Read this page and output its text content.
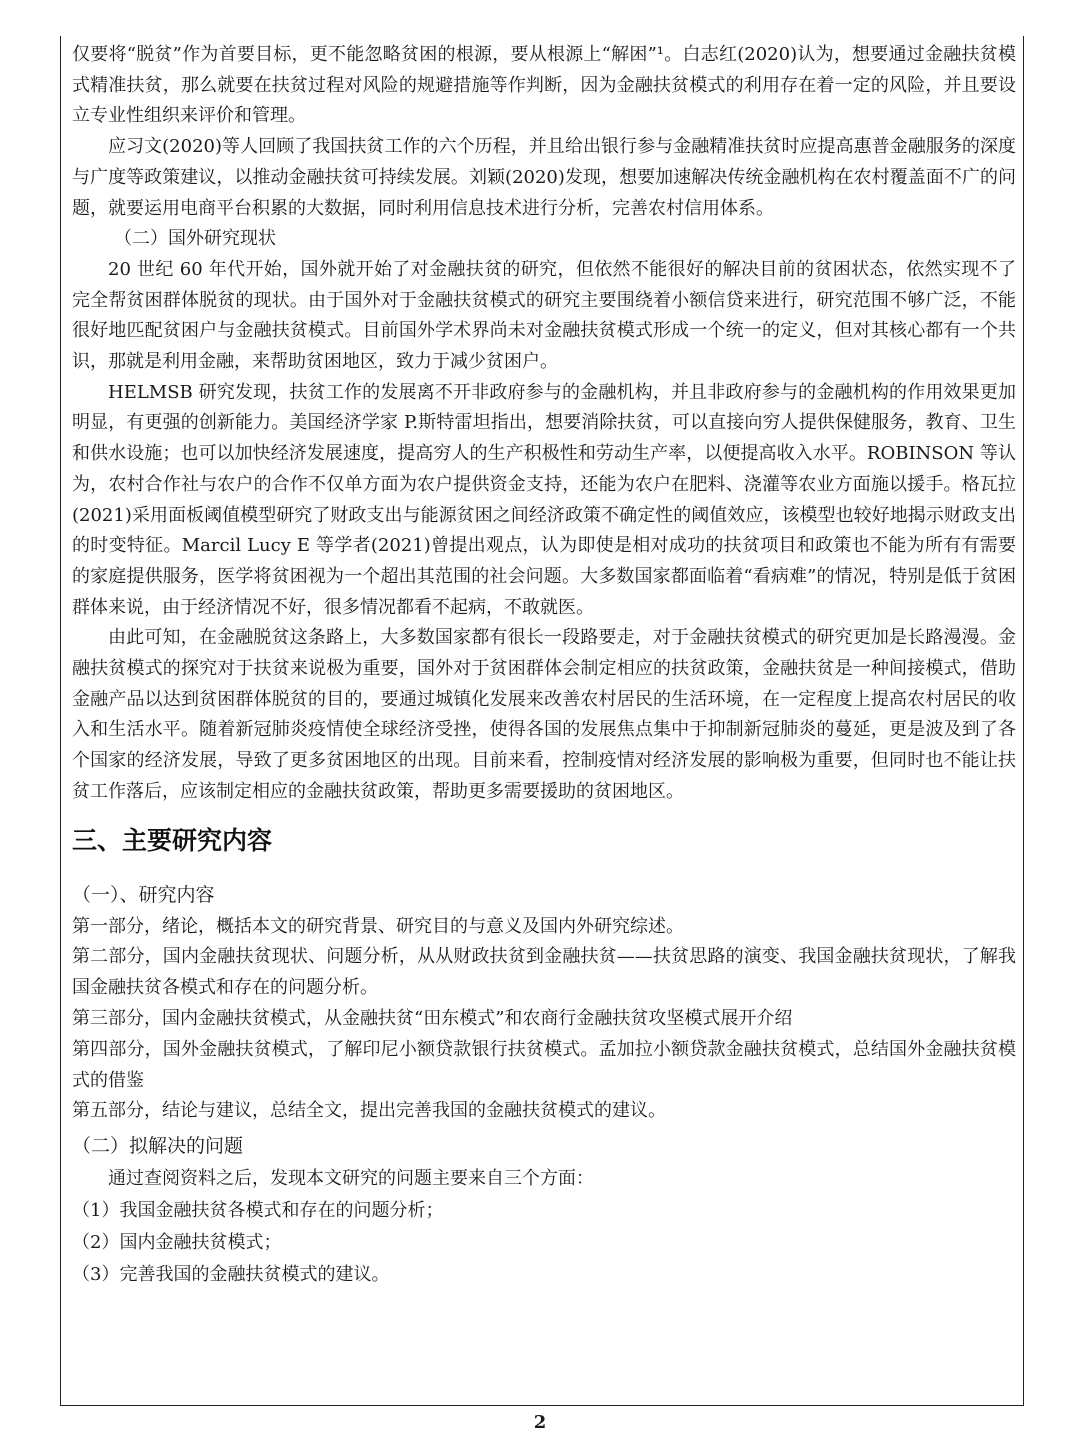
仅要将“脱贫”作为首要目标，更不能忽略贫困的根源，要从根源上“解困”¹。白志红(2020)认为，想要通过金融扶贫模式精准扶贫，那么就要在扶贫过程对风险的规避措施等作判断，因为金融扶贫模式的利用存在着一定的风险，并且要设立专业性组织来评价和管理。

应习文(2020)等人回顾了我国扶贫工作的六个历程，并且给出银行参与金融精准扶贫时应提高惠普金融服务的深度与广度等政策建议，以推动金融扶贫可持续发展。刘颖(2020)发现，想要加速解决传统金融机构在农村覆盖面不广的问题，就要运用电商平台积累的大数据，同时利用信息技术进行分析，完善农村信用体系。

（二）国外研究现状

20 世纪 60 年代开始，国外就开始了对金融扶贫的研究，但依然不能很好的解决目前的贫困状态，依然实现不了完全帮贫困群体脱贫的现状。由于国外对于金融扶贫模式的研究主要围绕着小额信贷来进行，研究范围不够广泛，不能很好地匹配贫困户与金融扶贫模式。目前国外学术界尚未对金融扶贫模式形成一个统一的定义，但对其核心都有一个共识，那就是利用金融，来帮助贫困地区，致力于减少贫困户。

HELMSB 研究发现，扶贫工作的发展离不开非政府参与的金融机构，并且非政府参与的金融机构的作用效果更加明显，有更强的创新能力。美国经济学家 P.斯特雷坦指出，想要消除扶贫，可以直接向穷人提供保健服务，教育、卫生和供水设施；也可以加快经济发展速度，提高穷人的生产积极性和劳动生产率，以便提高收入水平。ROBINSON 等认为，农村合作社与农户的合作不仅单方面为农户提供资金支持，还能为农户在肥料、浇灌等农业方面施以援手。格瓦拉(2021)采用面板阈值模型研究了财政支出与能源贫困之间经济政策不确定性的阈值效应，该模型也较好地揭示财政支出的时变特征。Marcil Lucy E 等学者(2021)曾提出观点，认为即使是相对成功的扶贫项目和政策也不能为所有有需要的家庭提供服务，医学将贫困视为一个超出其范围的社会问题。大多数国家都面临着“看病难”的情况，特别是低于贫困群体来说，由于经济情况不好，很多情况都看不起病，不敢就医。

由此可知，在金融脱贫这条路上，大多数国家都有很长一段路要走，对于金融扶贫模式的研究更加是长路漫漫。金融扶贫模式的探究对于扶贫来说极为重要，国外对于贫困群体会制定相应的扶贫政策，金融扶贫是一种间接模式，借助金融产品以达到贫困群体脱贫的目的，要通过城镇化发展来改善农村居民的生活环境，在一定程度上提高农村居民的收入和生活水平。随着新冠肺炎疫情使全球经济受挫，使得各国的发展焦点集中于抑制新冠肺炎的蔓延，更是波及到了各个国家的经济发展，导致了更多贫困地区的出现。目前来看，控制疫情对经济发展的影响极为重要，但同时也不能让扶贫工作落后，应该制定相应的金融扶贫政策，帮助更多需要援助的贫困地区。

三、主要研究内容

（一）、研究内容

第一部分，绪论，概括本文的研究背景、研究目的与意义及国内外研究综述。

第二部分，国内金融扶贫现状、问题分析，从从财政扶贫到金融扶贫——扶贫思路的演变、我国金融扶贫现状，了解我国金融扶贫各模式和存在的问题分析。

第三部分，国内金融扶贫模式，从金融扶贫“田东模式”和农商行金融扶贫攻坚模式展开介绍

第四部分，国外金融扶贫模式，了解印尼小额贷款银行扶贫模式。孟加拉小额贷款金融扶贫模式，总结国外金融扶贫模式的借鉴

第五部分，结论与建议，总结全文，提出完善我国的金融扶贫模式的建议。

（二）拟解决的问题

通过查阅资料之后，发现本文研究的问题主要来自三个方面：

（1）我国金融扶贫各模式和存在的问题分析；

（2）国内金融扶贫模式；

（3）完善我国的金融扶贫模式的建议。

2
